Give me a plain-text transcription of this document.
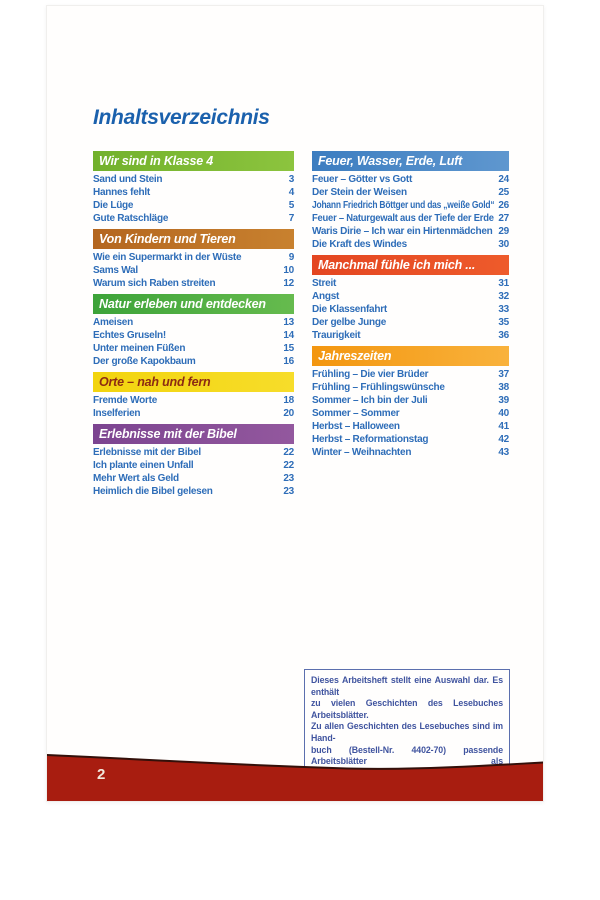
Inhaltsverzeichnis
Wir sind in Klasse 4
Sand und Stein	3
Hannes fehlt	4
Die Lüge	5
Gute Ratschläge	7
Von Kindern und Tieren
Wie ein Supermarkt in der Wüste	9
Sams Wal	10
Warum sich Raben streiten	12
Natur erleben und entdecken
Ameisen	13
Echtes Gruseln!	14
Unter meinen Füßen	15
Der große Kapokbaum	16
Orte – nah und fern
Fremde Worte	18
Inselferien	20
Erlebnisse mit der Bibel
Erlebnisse mit der Bibel	22
Ich plante einen Unfall	22
Mehr Wert als Geld	23
Heimlich die Bibel gelesen	23
Feuer, Wasser, Erde, Luft
Feuer – Götter vs Gott	24
Der Stein der Weisen	25
Johann Friedrich Böttger und das „weiße Gold“ 26
Feuer – Naturgewalt aus der Tiefe der Erde 27
Waris Dirie – Ich war ein Hirtenmädchen 29
Die Kraft des Windes	30
Manchmal fühle ich mich ...
Streit	31
Angst	32
Die Klassenfahrt	33
Der gelbe Junge	35
Traurigkeit	36
Jahreszeiten
Frühling – Die vier Brüder	37
Frühling – Frühlingswünsche	38
Sommer – Ich bin der Juli	39
Sommer – Sommer	40
Herbst – Halloween	41
Herbst – Reformationstag	42
Winter – Weihnachten	43
Dieses Arbeitsheft stellt eine Auswahl dar. Es enthält
zu vielen Geschichten des Lesebuches Arbeitsblätter.
Zu allen Geschichten des Lesebuches sind im Hand-
buch (Bestell-Nr. 4402-70) passende Arbeitsblätter als
2
